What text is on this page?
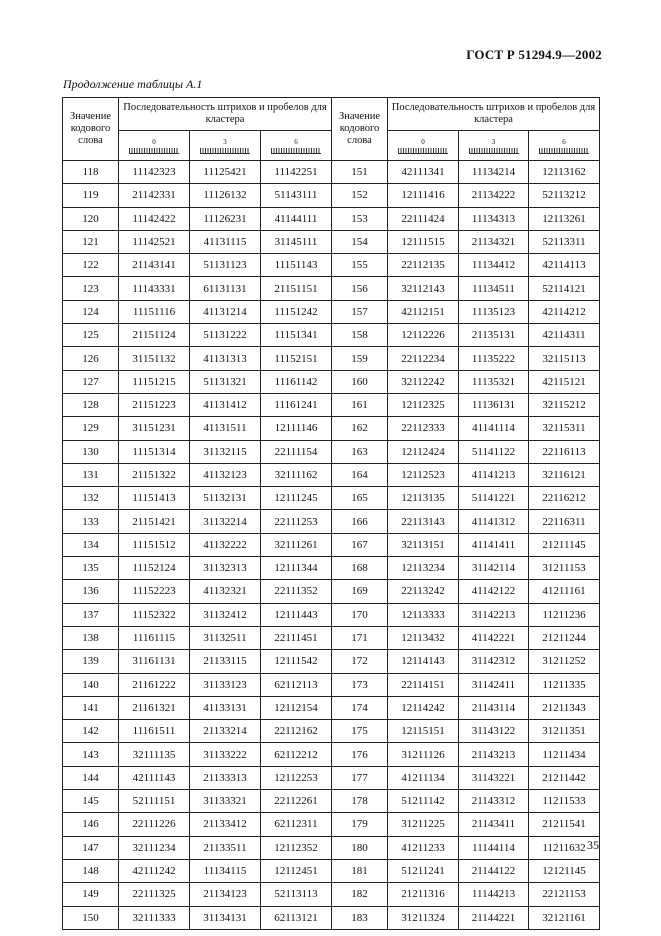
ГОСТ Р 51294.9—2002
Продолжение таблицы А.1
Значение кодового слова	Последовательность штрихов и пробелов для кластера			Значение кодового слова	Последовательность штрихов и пробелов для кластера		

	0	3	6		0	3	6

118	11142323	11125421	11142251	151	42111341	11134214	12113162
119	21142331	11126132	51143111	152	12111416	21134222	52113212
120	11142422	11126231	41144111	153	22111424	11134313	12113261
121	11142521	41131115	31145111	154	12111515	21134321	52113311
122	21143141	51131123	11151143	155	22112135	11134412	42114113
123	11143331	61131131	21151151	156	32112143	11134511	52114121
124	11151116	41131214	11151242	157	42112151	11135123	42114212
125	21151124	51131222	11151341	158	12112226	21135131	42114311
126	31151132	41131313	11152151	159	22112234	11135222	32115113
127	11151215	51131321	11161142	160	32112242	11135321	42115121
128	21151223	41131412	11161241	161	12112325	11136131	32115212
129	31151231	41131511	12111146	162	22112333	41141114	32115311
130	11151314	31132115	22111154	163	12112424	51141122	22116113
131	21151322	41132123	32111162	164	12112523	41141213	32116121
132	11151413	51132131	12111245	165	12113135	51141221	22116212
133	21151421	31132214	22111253	166	22113143	41141312	22116311
134	11151512	41132222	32111261	167	32113151	41141411	21211145
135	11152124	31132313	12111344	168	12113234	31142114	31211153
136	11152223	41132321	22111352	169	22113242	41142122	41211161
137	11152322	31132412	12111443	170	12113333	31142213	11211236
138	11161115	31132511	22111451	171	12113432	41142221	21211244
139	31161131	21133115	12111542	172	12114143	31142312	31211252
140	21161222	31133123	62112113	173	22114151	31142411	11211335
141	21161321	41133131	12112154	174	12114242	21143114	21211343
142	11161511	21133214	22112162	175	12115151	31143122	31211351
143	32111135	31133222	62112212	176	31211126	21143213	11211434
144	42111143	21133313	12112253	177	41211134	31143221	21211442
145	52111151	31133321	22112261	178	51211142	21143312	11211533
146	22111226	21133412	62112311	179	31211225	21143411	21211541
147	32111234	21133511	12112352	180	41211233	11144114	11211632
148	42111242	11134115	12112451	181	51211241	21144122	12121145
149	22111325	21134123	52113113	182	21211316	11144213	22121153
150	32111333	31134131	62113121	183	31211324	21144221	32121161
35
